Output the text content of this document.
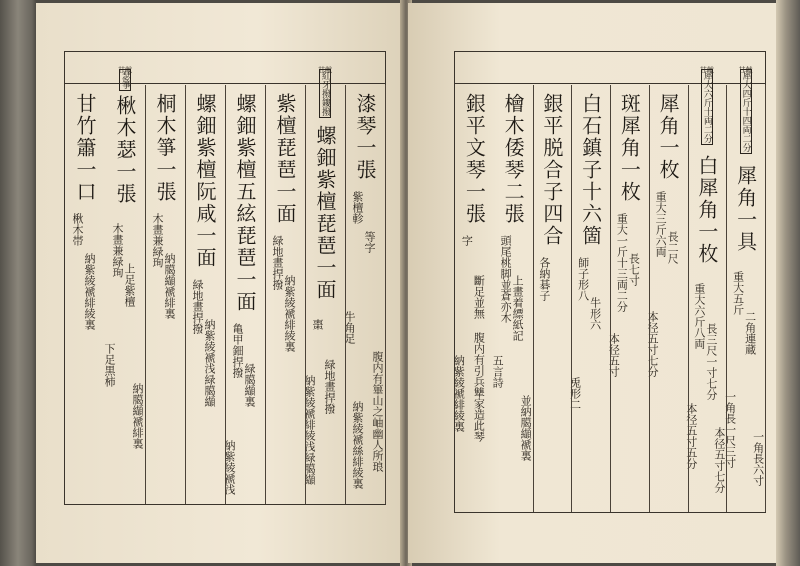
漆琴一張
紫檀軫
等字
牛角足
腹内有篳山之岫幽人所琅
納紫綾褫絲緋綾裏
螺鈿紫檀琵琶一面
甘献
紅牙撥鏤撥
棗
緑地畫捍撥
納紫綾褫緋綾浅緑臈纈
紫檀琵琶一面
緑地畫捍撥
納紫綾褫緋綾裏
螺鈿紫檀五絃琵琶一面
亀甲鈿捍撥
緑臈纈裏
納紫綾褫浅
螺鈿紫檀阮咸一面
緑地畫捍撥
納紫綾褫浅緑臈纈
桐木箏一張
木畫兼緑珣
納臈纈褫緋裏
楸木瑟一張
甘献
瑟箏
木畫兼緑珣
上足紫檀
下足黒柿
納臈纈褫緋裏
甘竹簫一口
楸木帯
納紫綾褫緋綾裏
犀角一具
甘献
犀大四斤十四両二分
重大五斤
二角連蔵
一角長一尺三寸 一角長六寸
白犀角一枚
甘献
犀大六斤十両二分
重大六斤八両
長三尺一寸七分
本径五寸五分 本径五寸七分
犀角一枚
重大三斤六両 長二尺
本径五寸七分
斑犀角一枚
重大一斤十三両二分 長七寸
本径五寸
白石鎮子十六箇
師子形八
牛形六
兎形二
銀平脱合子四合
各納碁子
檜木倭琴二張
頭尾桃脚並蒼亦木 上畫着縹紙記
五言詩
並納臈纈褫裏
銀平文琴一張
字
斷足並無 腹内有引兵犨家造此琴
納紫綾褫緋綾裏
